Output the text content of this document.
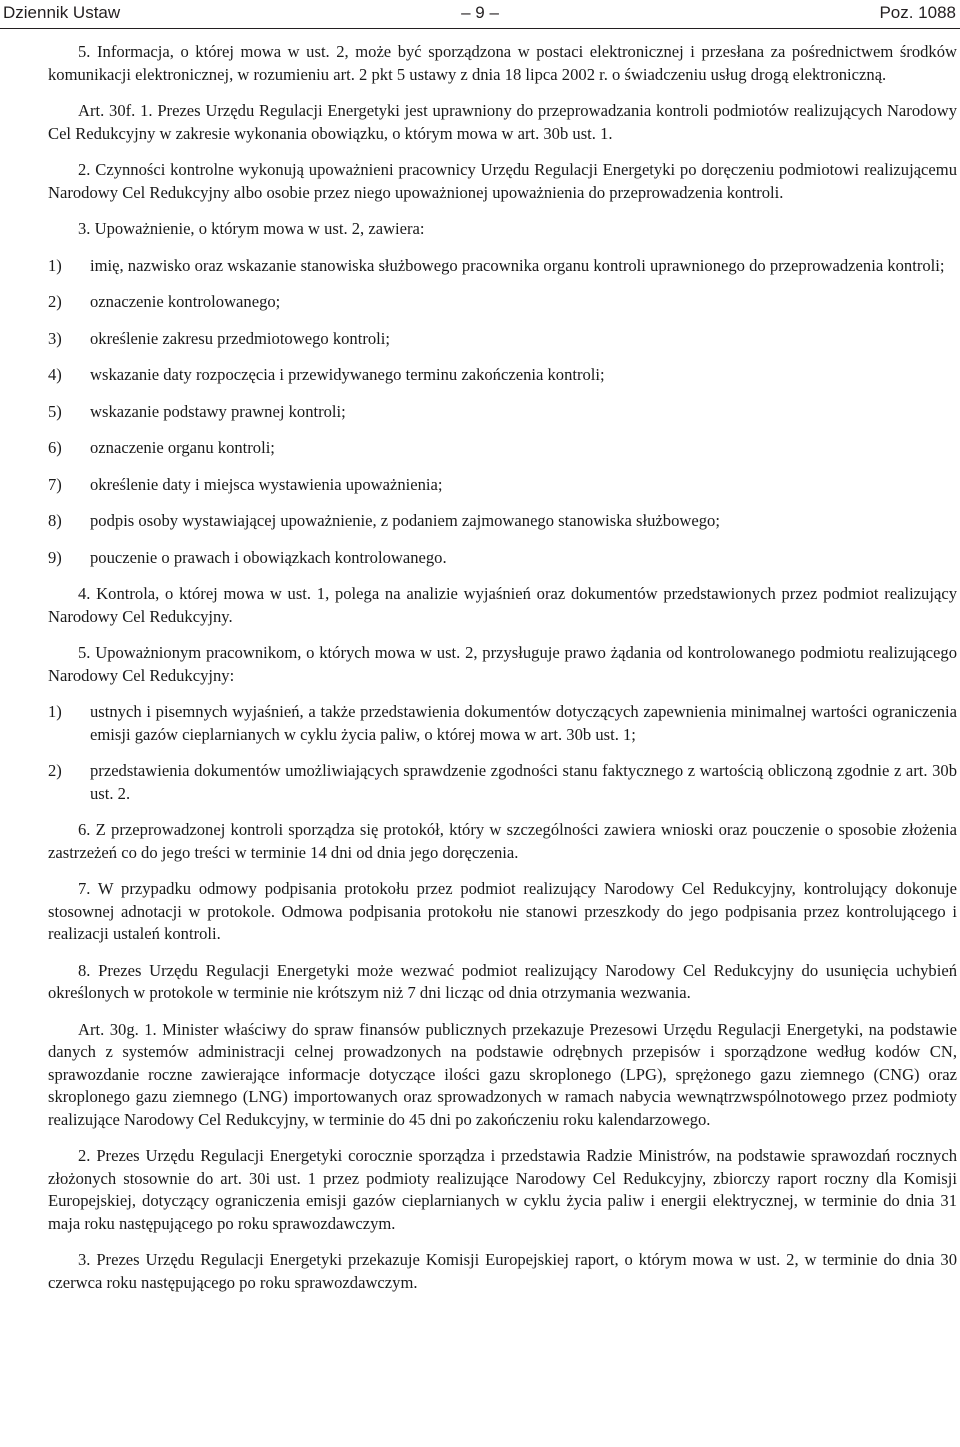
Dziennik Ustaw	– 9 –	Poz. 1088

5. Informacja, o której mowa w ust. 2, może być sporządzona w postaci elektronicznej i przesłana za pośrednictwem środków komunikacji elektronicznej, w rozumieniu art. 2 pkt 5 ustawy z dnia 18 lipca 2002 r. o świadczeniu usług drogą elektroniczną.

Art. 30f. 1. Prezes Urzędu Regulacji Energetyki jest uprawniony do przeprowadzania kontroli podmiotów realizujących Narodowy Cel Redukcyjny w zakresie wykonania obowiązku, o którym mowa w art. 30b ust. 1.

2. Czynności kontrolne wykonują upoważnieni pracownicy Urzędu Regulacji Energetyki po doręczeniu podmiotowi realizującemu Narodowy Cel Redukcyjny albo osobie przez niego upoważnionej upoważnienia do przeprowadzenia kontroli.

3. Upoważnienie, o którym mowa w ust. 2, zawiera:

1) imię, nazwisko oraz wskazanie stanowiska służbowego pracownika organu kontroli uprawnionego do przeprowadzenia kontroli;
2) oznaczenie kontrolowanego;
3) określenie zakresu przedmiotowego kontroli;
4) wskazanie daty rozpoczęcia i przewidywanego terminu zakończenia kontroli;
5) wskazanie podstawy prawnej kontroli;
6) oznaczenie organu kontroli;
7) określenie daty i miejsca wystawienia upoważnienia;
8) podpis osoby wystawiającej upoważnienie, z podaniem zajmowanego stanowiska służbowego;
9) pouczenie o prawach i obowiązkach kontrolowanego.

4. Kontrola, o której mowa w ust. 1, polega na analizie wyjaśnień oraz dokumentów przedstawionych przez podmiot realizujący Narodowy Cel Redukcyjny.

5. Upoważnionym pracownikom, o których mowa w ust. 2, przysługuje prawo żądania od kontrolowanego podmiotu realizującego Narodowy Cel Redukcyjny:

1) ustnych i pisemnych wyjaśnień, a także przedstawienia dokumentów dotyczących zapewnienia minimalnej wartości ograniczenia emisji gazów cieplarnianych w cyklu życia paliw, o której mowa w art. 30b ust. 1;
2) przedstawienia dokumentów umożliwiających sprawdzenie zgodności stanu faktycznego z wartością obliczoną zgodnie z art. 30b ust. 2.

6. Z przeprowadzonej kontroli sporządza się protokół, który w szczególności zawiera wnioski oraz pouczenie o sposobie złożenia zastrzeżeń co do jego treści w terminie 14 dni od dnia jego doręczenia.

7. W przypadku odmowy podpisania protokołu przez podmiot realizujący Narodowy Cel Redukcyjny, kontrolujący dokonuje stosownej adnotacji w protokole. Odmowa podpisania protokołu nie stanowi przeszkody do jego podpisania przez kontrolującego i realizacji ustaleń kontroli.

8. Prezes Urzędu Regulacji Energetyki może wezwać podmiot realizujący Narodowy Cel Redukcyjny do usunięcia uchybień określonych w protokole w terminie nie krótszym niż 7 dni licząc od dnia otrzymania wezwania.

Art. 30g. 1. Minister właściwy do spraw finansów publicznych przekazuje Prezesowi Urzędu Regulacji Energetyki, na podstawie danych z systemów administracji celnej prowadzonych na podstawie odrębnych przepisów i sporządzone według kodów CN, sprawozdanie roczne zawierające informacje dotyczące ilości gazu skroplonego (LPG), sprężonego gazu ziemnego (CNG) oraz skroplonego gazu ziemnego (LNG) importowanych oraz sprowadzonych w ramach nabycia wewnątrzwspólnotowego przez podmioty realizujące Narodowy Cel Redukcyjny, w terminie do 45 dni po zakończeniu roku kalendarzowego.

2. Prezes Urzędu Regulacji Energetyki corocznie sporządza i przedstawia Radzie Ministrów, na podstawie sprawozdań rocznych złożonych stosownie do art. 30i ust. 1 przez podmioty realizujące Narodowy Cel Redukcyjny, zbiorczy raport roczny dla Komisji Europejskiej, dotyczący ograniczenia emisji gazów cieplarnianych w cyklu życia paliw i energii elektrycznej, w terminie do dnia 31 maja roku następującego po roku sprawozdawczym.

3. Prezes Urzędu Regulacji Energetyki przekazuje Komisji Europejskiej raport, o którym mowa w ust. 2, w terminie do dnia 30 czerwca roku następującego po roku sprawozdawczym.
